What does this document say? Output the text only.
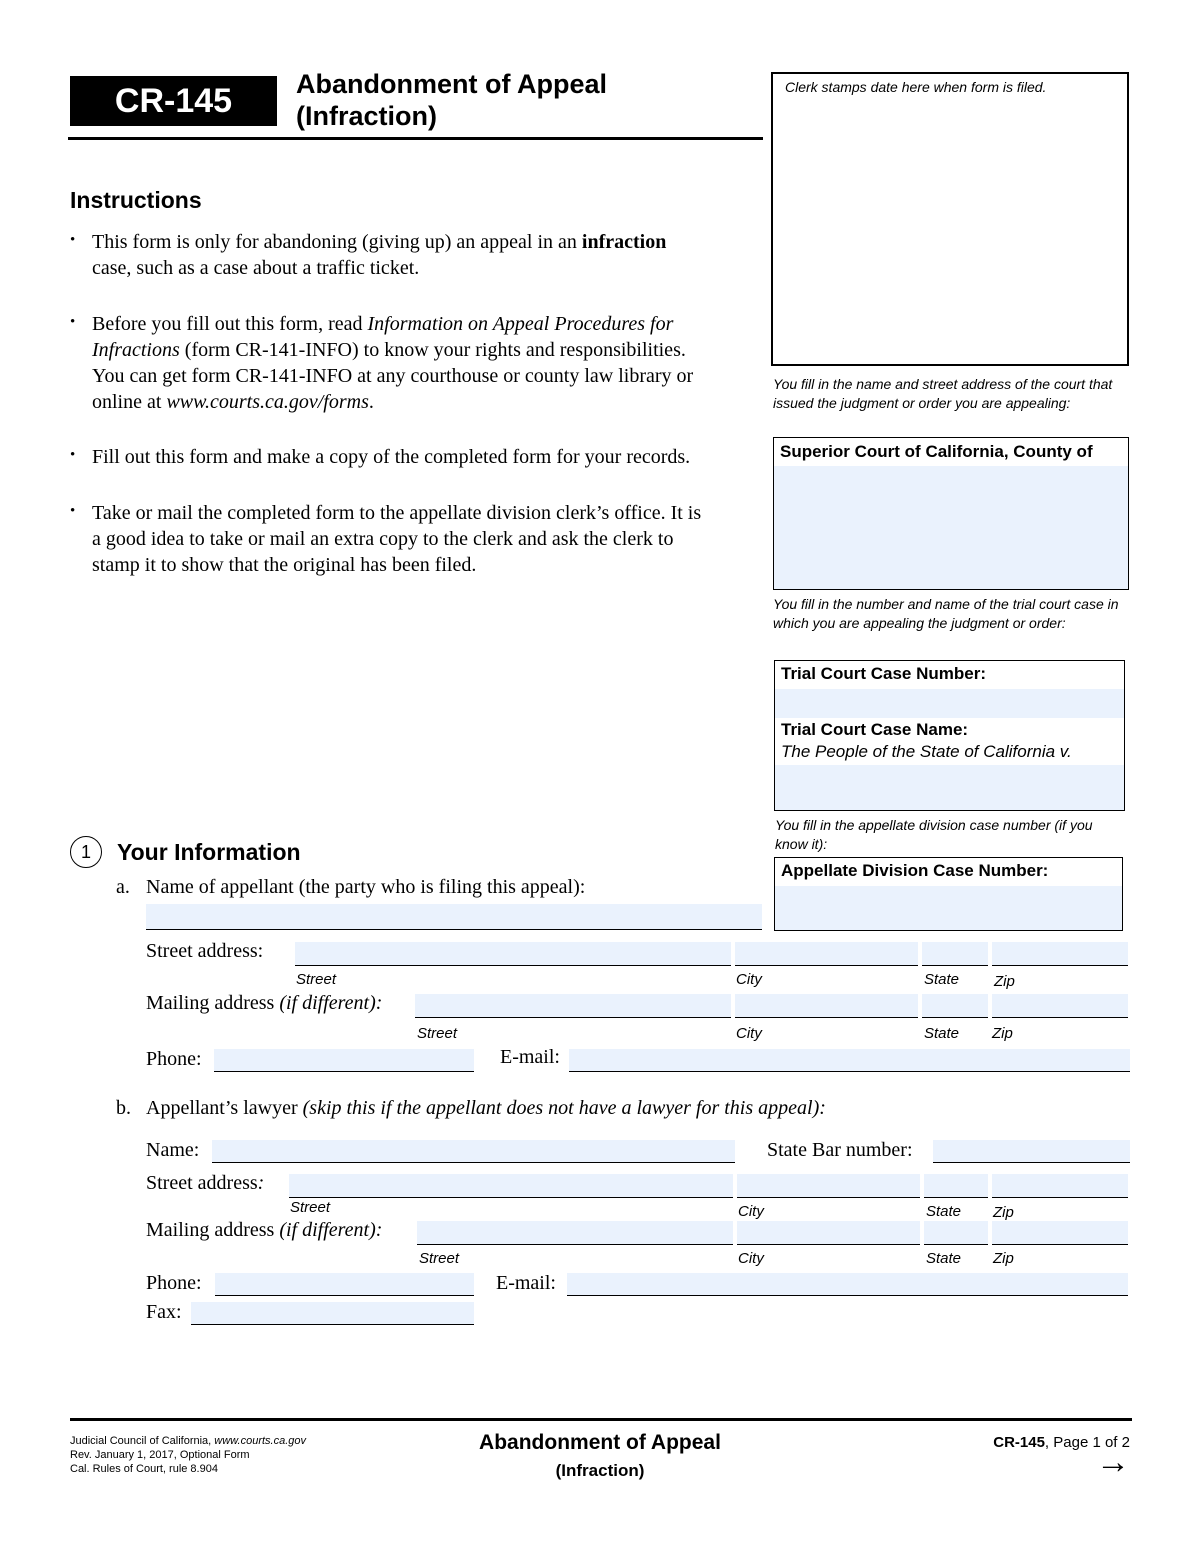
CR-145	Abandonment of Appeal
(Infraction)
Clerk stamps date here when form is filed.
You fill in the name and street address of the court that issued the judgment or order you are appealing:
Superior Court of California, County of
You fill in the number and name of the trial court case in which you are appealing the judgment or order:
Trial Court Case Number:
Trial Court Case Name:
The People of the State of California v.
You fill in the appellate division case number (if you know it):
Appellate Division Case Number:
Instructions
• This form is only for abandoning (giving up) an appeal in an infraction
case, such as a case about a traffic ticket.
• Before you fill out this form, read Information on Appeal Procedures for
Infractions (form CR-141-INFO) to know your rights and responsibilities.
You can get form CR-141-INFO at any courthouse or county law library or
online at www.courts.ca.gov/forms.
• Fill out this form and make a copy of the completed form for your records.
• Take or mail the completed form to the appellate division clerk’s office. It is
a good idea to take or mail an extra copy to the clerk and ask the clerk to
stamp it to show that the original has been filed.
1	Your Information
a. Name of appellant (the party who is filing this appeal):
Street address:
Street	City	State Zip
Mailing address (if different):
Street	City	State Zip
Phone:	E-mail:
b. Appellant’s lawyer (skip this if the appellant does not have a lawyer for this appeal):
Name:	State Bar number:
Street address:
Street	City	State Zip
Mailing address (if different):
Street	City	State Zip
Phone:	E-mail:
Fax:
Judicial Council of California, www.courts.ca.gov
Rev. January 1, 2017, Optional Form
Cal. Rules of Court, rule 8.904
Abandonment of Appeal
(Infraction)
CR-145, Page 1 of 2
→
